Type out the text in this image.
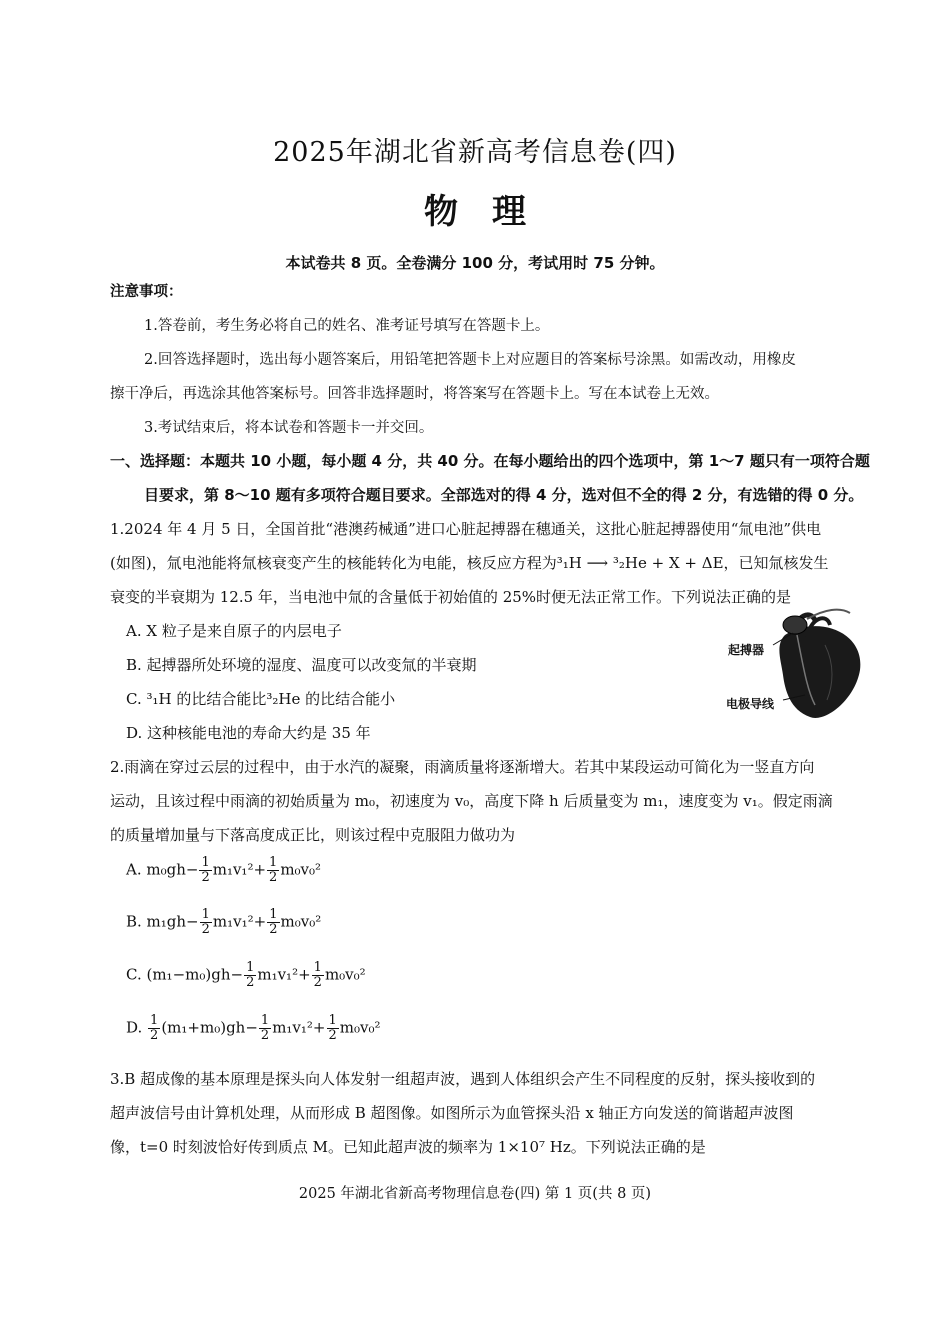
2025年湖北省新高考信息卷(四)
物理
本试卷共 8 页。全卷满分 100 分，考试用时 75 分钟。
注意事项：
1.答卷前，考生务必将自己的姓名、准考证号填写在答题卡上。
2.回答选择题时，选出每小题答案后，用铅笔把答题卡上对应题目的答案标号涂黑。如需改动，用橡皮
擦干净后，再选涂其他答案标号。回答非选择题时，将答案写在答题卡上。写在本试卷上无效。
3.考试结束后，将本试卷和答题卡一并交回。
一、选择题：本题共 10 小题，每小题 4 分，共 40 分。在每小题给出的四个选项中，第 1～7 题只有一项符合题
目要求，第 8～10 题有多项符合题目要求。全部选对的得 4 分，选对但不全的得 2 分，有选错的得 0 分。
1.2024 年 4 月 5 日，全国首批“港澳药械通”进口心脏起搏器在穗通关，这批心脏起搏器使用“氚电池”供电
(如图)，氚电池能将氚核衰变产生的核能转化为电能，核反应方程为³₁H ⟶ ³₂He + X + ΔE，已知氚核发生
衰变的半衰期为 12.5 年，当电池中氚的含量低于初始值的 25%时便无法正常工作。下列说法正确的是
A. X 粒子是来自原子的内层电子
B. 起搏器所处环境的湿度、温度可以改变氚的半衰期
C. ³₁H 的比结合能比³₂He 的比结合能小
D. 这种核能电池的寿命大约是 35 年
起搏器
电极导线
2.雨滴在穿过云层的过程中，由于水汽的凝聚，雨滴质量将逐渐增大。若其中某段运动可简化为一竖直方向
运动，且该过程中雨滴的初始质量为 m₀，初速度为 v₀，高度下降 h 后质量变为 m₁，速度变为 v₁。假定雨滴
的质量增加量与下落高度成正比，则该过程中克服阻力做功为
A. $m_0gh- \frac{1}{2} m_1v_1^2+ \frac{1}{2} m_0v_0^2$
B. $m_1gh- \frac{1}{2} m_1v_1^2+ \frac{1}{2} m_0v_0^2$
C. $(m_1-m_0)gh- \frac{1}{2} m_1v_1^2+ \frac{1}{2} m_0v_0^2$
D. $\frac{1}{2} (m_1+m_0)gh- \frac{1}{2} m_1v_1^2+ \frac{1}{2} m_0v_0^2$
3.B 超成像的基本原理是探头向人体发射一组超声波，遇到人体组织会产生不同程度的反射，探头接收到的
超声波信号由计算机处理，从而形成 B 超图像。如图所示为血管探头沿 x 轴正方向发送的简谐超声波图
像，t=0 时刻波恰好传到质点 M。已知此超声波的频率为 1×10⁷ Hz。下列说法正确的是
2025 年湖北省新高考物理信息卷(四) 第 1 页(共 8 页)
